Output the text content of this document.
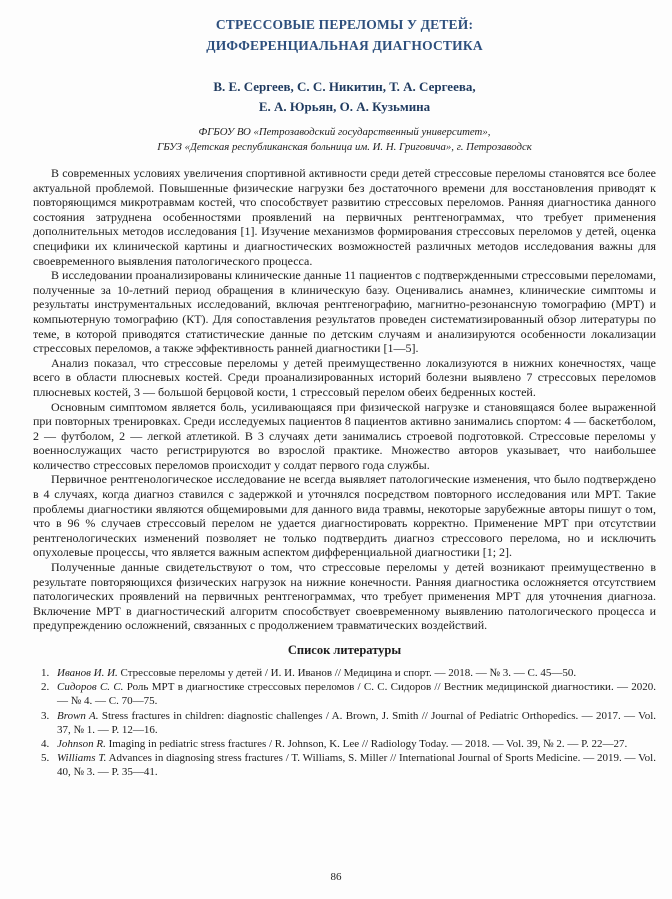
СТРЕССОВЫЕ ПЕРЕЛОМЫ У ДЕТЕЙ:
ДИФФЕРЕНЦИАЛЬНАЯ ДИАГНОСТИКА
В. Е. Сергеев, С. С. Никитин, Т. А. Сергеева,
Е. А. Юрьян, О. А. Кузьмина
ФГБОУ ВО «Петрозаводский государственный университет»,
ГБУЗ «Детская республиканская больница им. И. Н. Григовича», г. Петрозаводск

В современных условиях увеличения спортивной активности среди детей стрессовые переломы становятся все более актуальной проблемой. Повышенные физические нагрузки без достаточного времени для восстановления приводят к повторяющимся микротравмам костей, что способствует развитию стрессовых переломов. Ранняя диагностика данного состояния затруднена особенностями проявлений на первичных рентгенограммах, что требует применения дополнительных методов исследования [1]. Изучение механизмов формирования стрессовых переломов у детей, оценка специфики их клинической картины и диагностических возможностей различных методов исследования важны для своевременного выявления патологического процесса.

В исследовании проанализированы клинические данные 11 пациентов с подтвержденными стрессовыми переломами, полученные за 10-летний период обращения в клиническую базу. Оценивались анамнез, клинические симптомы и результаты инструментальных исследований, включая рентгенографию, магнитно-резонансную томографию (МРТ) и компьютерную томографию (КТ). Для сопоставления результатов проведен систематизированный обзор литературы по теме, в которой приводятся статистические данные по детским случаям и анализируются особенности локализации стрессовых переломов, а также эффективность ранней диагностики [1—5].

Анализ показал, что стрессовые переломы у детей преимущественно локализуются в нижних конечностях, чаще всего в области плюсневых костей. Среди проанализированных историй болезни выявлено 7 стрессовых переломов плюсневых костей, 3 — большой берцовой кости, 1 стрессовый перелом обеих бедренных костей.

Основным симптомом является боль, усиливающаяся при физической нагрузке и становящаяся более выраженной при повторных тренировках. Среди исследуемых пациентов 8 пациентов активно занимались спортом: 4 — баскетболом, 2 — футболом, 2 — легкой атлетикой. В 3 случаях дети занимались строевой подготовкой. Стрессовые переломы у военнослужащих часто регистрируются во взрослой практике. Множество авторов указывает, что наибольшее количество стрессовых переломов происходит у солдат первого года службы.

Первичное рентгенологическое исследование не всегда выявляет патологические изменения, что было подтверждено в 4 случаях, когда диагноз ставился с задержкой и уточнялся посредством повторного исследования или МРТ. Такие проблемы диагностики являются общемировыми для данного вида травмы, некоторые зарубежные авторы пишут о том, что в 96 % случаев стрессовый перелом не удается диагностировать корректно. Применение МРТ при отсутствии рентгенологических изменений позволяет не только подтвердить диагноз стрессового перелома, но и исключить опухолевые процессы, что является важным аспектом дифференциальной диагностики [1; 2].

Полученные данные свидетельствуют о том, что стрессовые переломы у детей возникают преимущественно в результате повторяющихся физических нагрузок на нижние конечности. Ранняя диагностика осложняется отсутствием патологических проявлений на первичных рентгенограммах, что требует применения МРТ для уточнения диагноза. Включение МРТ в диагностический алгоритм способствует своевременному выявлению патологического процесса и предупреждению осложнений, связанных с продолжением травматических воздействий.

Список литературы
1. Иванов И. И. Стрессовые переломы у детей / И. И. Иванов // Медицина и спорт. — 2018. — № 3. — С. 45—50.
2. Сидоров С. С. Роль МРТ в диагностике стрессовых переломов / С. С. Сидоров // Вестник медицинской диагностики. — 2020. — № 4. — С. 70—75.
3. Brown A. Stress fractures in children: diagnostic challenges / A. Brown, J. Smith // Journal of Pediatric Orthopedics. — 2017. — Vol. 37, № 1. — P. 12—16.
4. Johnson R. Imaging in pediatric stress fractures / R. Johnson, K. Lee // Radiology Today. — 2018. — Vol. 39, № 2. — P. 22—27.
5. Williams T. Advances in diagnosing stress fractures / T. Williams, S. Miller // International Journal of Sports Medicine. — 2019. — Vol. 40, № 3. — P. 35—41.
86
